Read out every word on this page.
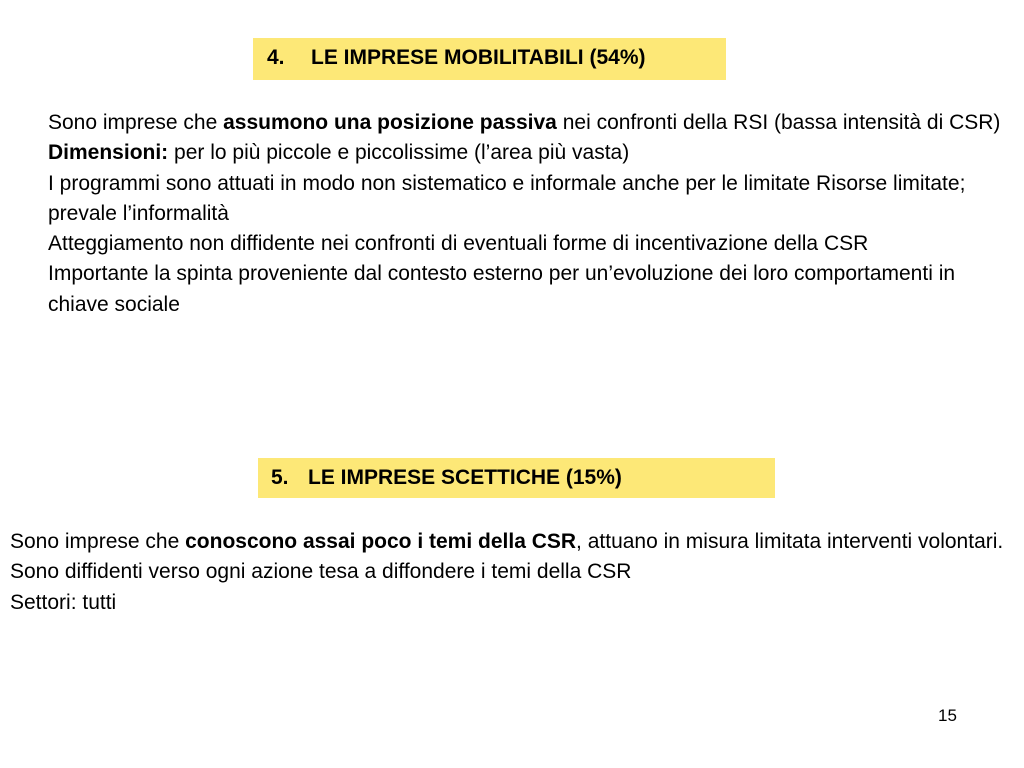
4. LE IMPRESE MOBILITABILI (54%)

Sono imprese che assumono una posizione passiva nei confronti della RSI (bassa intensità di CSR)

Dimensioni: per lo più piccole e piccolissime (l’area più vasta)

I programmi sono attuati in modo non sistematico e informale anche per le limitate Risorse limitate; prevale l’informalità

Atteggiamento non diffidente nei confronti di eventuali forme di incentivazione della CSR

Importante la spinta proveniente dal contesto esterno per un’evoluzione dei loro comportamenti in chiave sociale

5. LE IMPRESE SCETTICHE (15%)

Sono imprese che conoscono assai poco i temi della CSR, attuano in misura limitata interventi volontari.

Sono diffidenti verso ogni azione tesa a diffondere i temi della CSR

Settori: tutti

15
